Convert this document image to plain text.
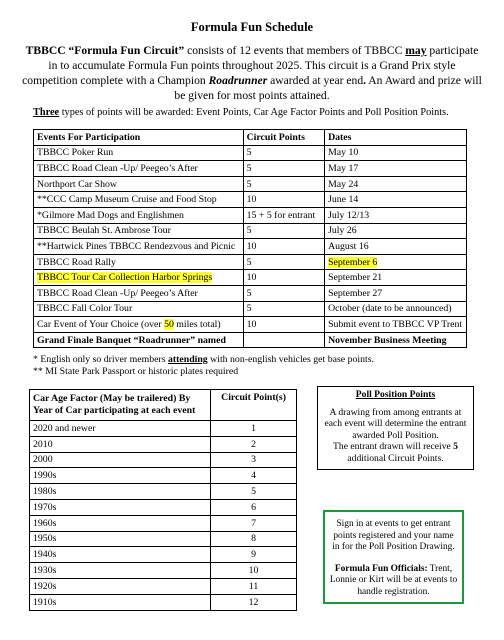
Formula Fun Schedule
TBBCC “Formula Fun Circuit” consists of 12 events that members of TBBCC may participate in to accumulate Formula Fun points throughout 2025. This circuit is a Grand Prix style competition complete with a Champion Roadrunner awarded at year end. An Award and prize will be given for most points attained.
Three types of points will be awarded: Event Points, Car Age Factor Points and Poll Position Points.
Events For Participation	Circuit Points	Dates
TBBCC Poker Run	5	May 10
TBBCC Road Clean -Up/ Peegeo’s After	5	May 17
Northport Car Show	5	May 24
**CCC Camp Museum Cruise and Food Stop	10	June 14
*Gilmore Mad Dogs and Englishmen	15 + 5 for entrant	July 12/13
TBBCC Beulah St. Ambrose Tour	5	July 26
**Hartwick Pines TBBCC Rendezvous and Picnic	10	August 16
TBBCC Road Rally	5	September 6
TBBCC Tour Car Collection Harbor Springs	10	September 21
TBBCC Road Clean -Up/ Peegeo’s After	5	September 27
TBBCC Fall Color Tour	5	October (date to be announced)
Car Event of Your Choice (over 50 miles total)	10	Submit event to TBBCC VP Trent
Grand Finale Banquet “Roadrunner” named		November Business Meeting
* English only so driver members attending with non-english vehicles get base points.
** MI State Park Passport or historic plates required
Car Age Factor (May be trailered) By Year of Car participating at each event	Circuit Point(s)
2020 and newer	1
2010	2
2000	3
1990s	4
1980s	5
1970s	6
1960s	7
1950s	8
1940s	9
1930s	10
1920s	11
1910s	12
Poll Position Points
A drawing from among entrants at each event will determine the entrant awarded Poll Position.
The entrant drawn will receive 5 additional Circuit Points.
Sign in at events to get entrant points registered and your name in for the Poll Position Drawing.
Formula Fun Officials: Trent, Lonnie or Kirt will be at events to handle registration.
